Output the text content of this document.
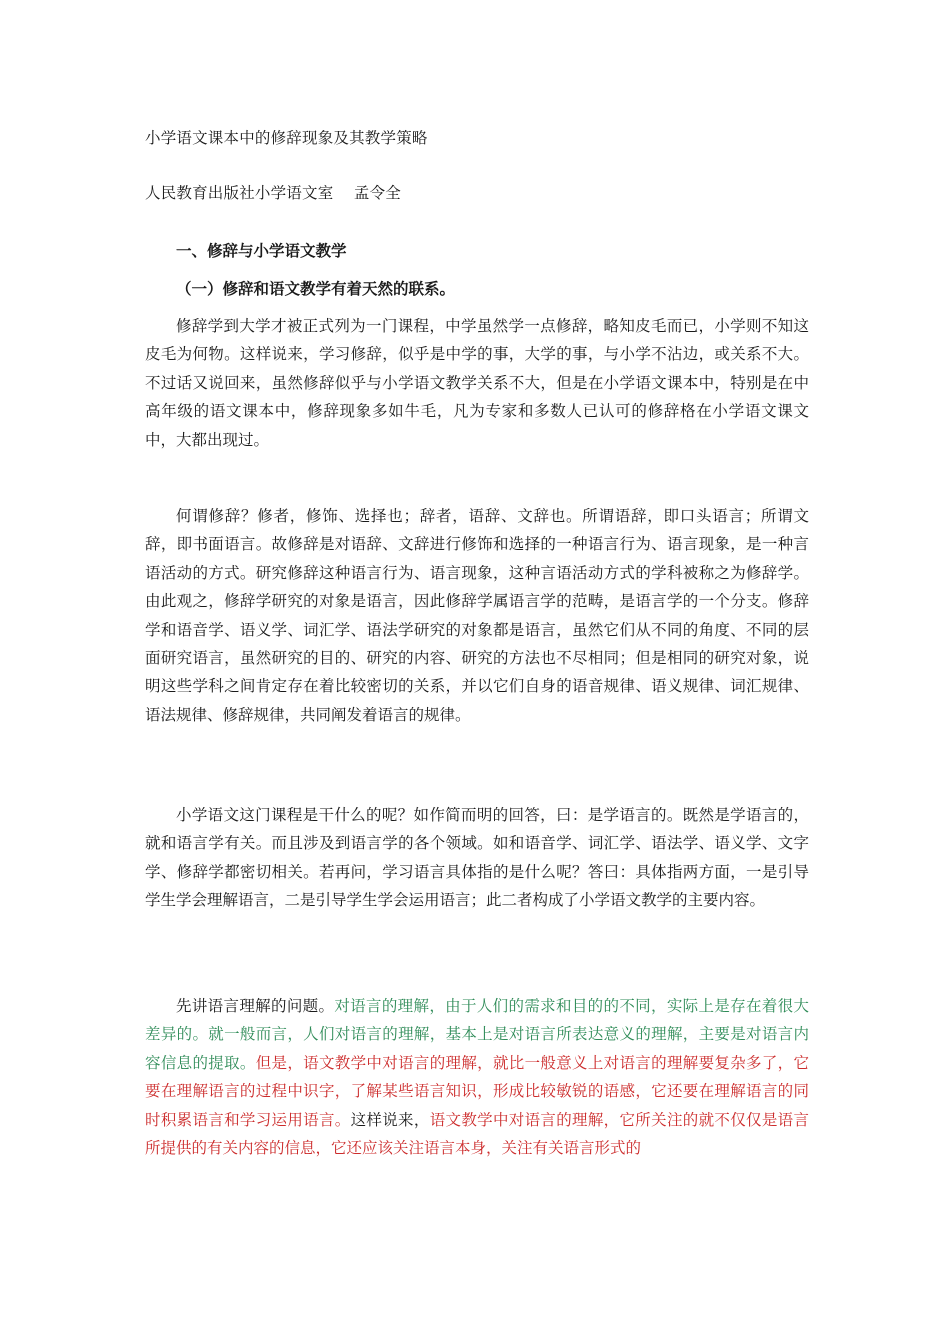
小学语文课本中的修辞现象及其教学策略
人民教育出版社小学语文室    孟令全
一、修辞与小学语文教学
（一）修辞和语文教学有着天然的联系。

修辞学到大学才被正式列为一门课程，中学虽然学一点修辞，略知皮毛而已，小学则不知这皮毛为何物。这样说来，学习修辞，似乎是中学的事，大学的事，与小学不沾边，或关系不大。不过话又说回来，虽然修辞似乎与小学语文教学关系不大，但是在小学语文课本中，特别是在中高年级的语文课本中，修辞现象多如牛毛，凡为专家和多数人已认可的修辞格在小学语文课文中，大都出现过。

何谓修辞？修者，修饰、选择也；辞者，语辞、文辞也。所谓语辞，即口头语言；所谓文辞，即书面语言。故修辞是对语辞、文辞进行修饰和选择的一种语言行为、语言现象，是一种言语活动的方式。研究修辞这种语言行为、语言现象，这种言语活动方式的学科被称之为修辞学。由此观之，修辞学研究的对象是语言，因此修辞学属语言学的范畴，是语言学的一个分支。修辞学和语音学、语义学、词汇学、语法学研究的对象都是语言，虽然它们从不同的角度、不同的层面研究语言，虽然研究的目的、研究的内容、研究的方法也不尽相同；但是相同的研究对象，说明这些学科之间肯定存在着比较密切的关系，并以它们自身的语音规律、语义规律、词汇规律、语法规律、修辞规律，共同阐发着语言的规律。

小学语文这门课程是干什么的呢？如作简而明的回答，曰：是学语言的。既然是学语言的，就和语言学有关。而且涉及到语言学的各个领域。如和语音学、词汇学、语法学、语义学、文字学、修辞学都密切相关。若再问，学习语言具体指的是什么呢？答曰：具体指两方面，一是引导学生学会理解语言，二是引导学生学会运用语言；此二者构成了小学语文教学的主要内容。

先讲语言理解的问题。对语言的理解，由于人们的需求和目的的不同，实际上是存在着很大差异的。就一般而言，人们对语言的理解，基本上是对语言所表达意义的理解，主要是对语言内容信息的提取。但是，语文教学中对语言的理解，就比一般意义上对语言的理解要复杂多了，它要在理解语言的过程中识字，了解某些语言知识，形成比较敏锐的语感，它还要在理解语言的同时积累语言和学习运用语言。这样说来，语文教学中对语言的理解，它所关注的就不仅仅是语言所提供的有关内容的信息，它还应该关注语言本身，关注有关语言形式的
